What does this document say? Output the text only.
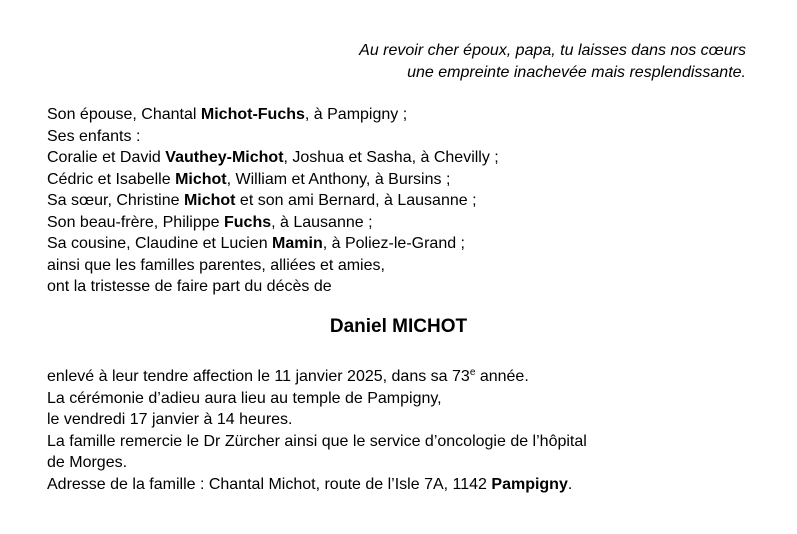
Au revoir cher époux, papa, tu laisses dans nos cœurs
une empreinte inachevée mais resplendissante.
Son épouse, Chantal Michot-Fuchs, à Pampigny ;
Ses enfants :
Coralie et David Vauthey-Michot, Joshua et Sasha, à Chevilly ;
Cédric et Isabelle Michot, William et Anthony, à Bursins ;
Sa sœur, Christine Michot et son ami Bernard, à Lausanne ;
Son beau-frère, Philippe Fuchs, à Lausanne ;
Sa cousine, Claudine et Lucien Mamin, à Poliez-le-Grand ;
ainsi que les familles parentes, alliées et amies,
ont la tristesse de faire part du décès de
Daniel MICHOT
enlevé à leur tendre affection le 11 janvier 2025, dans sa 73e année.
La cérémonie d’adieu aura lieu au temple de Pampigny,
le vendredi 17 janvier à 14 heures.
La famille remercie le Dr Zürcher ainsi que le service d’oncologie de l’hôpital
de Morges.
Adresse de la famille : Chantal Michot, route de l’Isle 7A, 1142 Pampigny.
